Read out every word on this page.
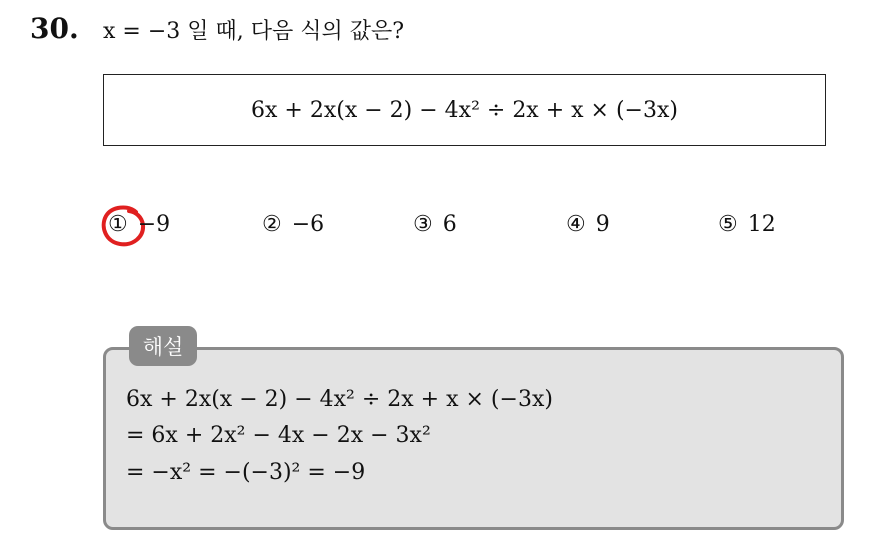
30. x = −3 일 때, 다음 식의 값은?
6x + 2x(x − 2) − 4x² ÷ 2x + x × (−3x)
① −9	② −6	③ 6	④ 9	⑤ 12
해설
6x + 2x(x − 2) − 4x² ÷ 2x + x × (−3x)
= 6x + 2x² − 4x − 2x − 3x²
= −x² = −(−3)² = −9
